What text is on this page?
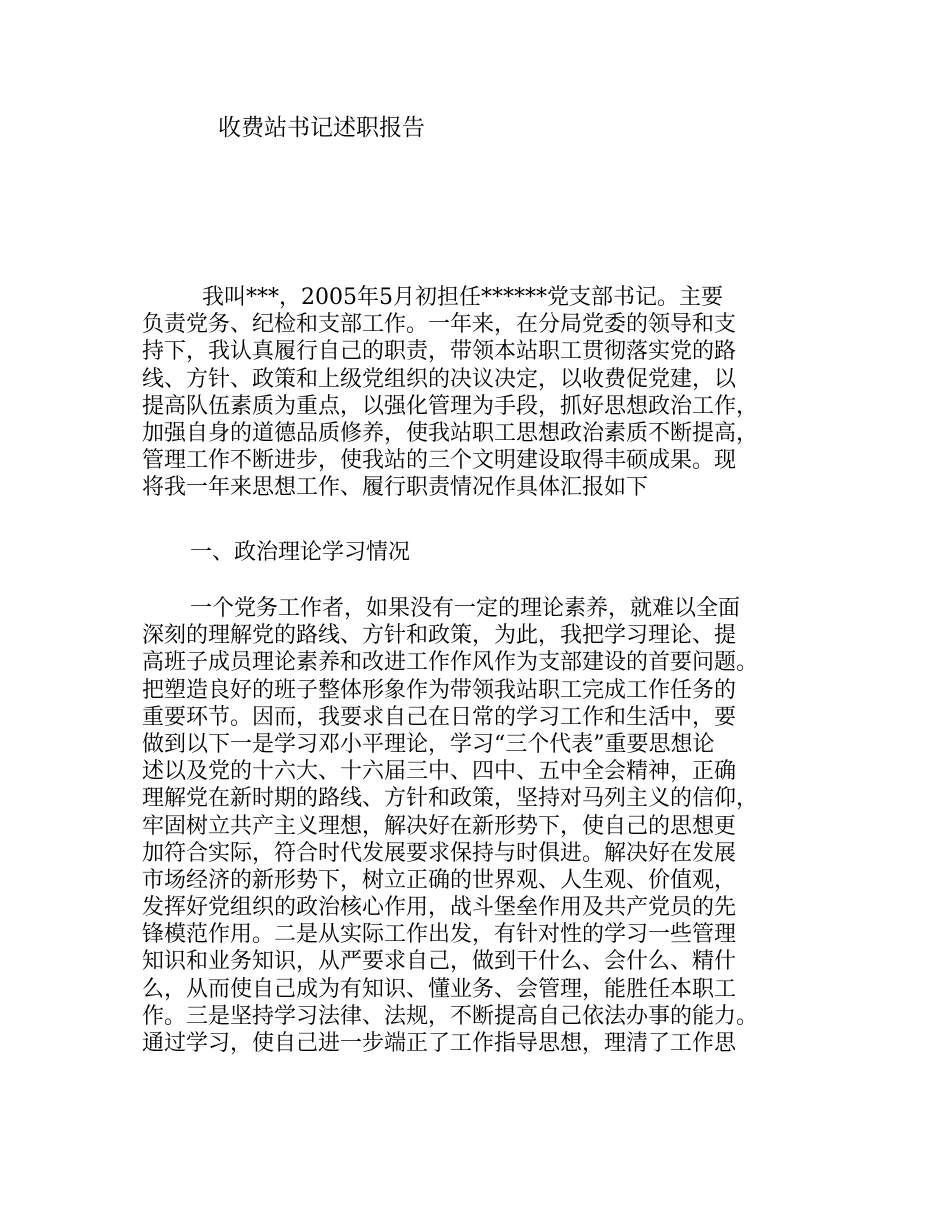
收费站书记述职报告
我叫***，2005年5月初担任******党支部书记。主要
负责党务、纪检和支部工作。一年来，在分局党委的领导和支
持下，我认真履行自己的职责，带领本站职工贯彻落实党的路
线、方针、政策和上级党组织的决议决定，以收费促党建，以
提高队伍素质为重点，以强化管理为手段，抓好思想政治工作，
加强自身的道德品质修养，使我站职工思想政治素质不断提高，
管理工作不断进步，使我站的三个文明建设取得丰硕成果。现
将我一年来思想工作、履行职责情况作具体汇报如下
一、政治理论学习情况
一个党务工作者，如果没有一定的理论素养，就难以全面
深刻的理解党的路线、方针和政策，为此，我把学习理论、提
高班子成员理论素养和改进工作作风作为支部建设的首要问题。
把塑造良好的班子整体形象作为带领我站职工完成工作任务的
重要环节。因而，我要求自己在日常的学习工作和生活中，要
做到以下一是学习邓小平理论，学习“三个代表”重要思想论
述以及党的十六大、十六届三中、四中、五中全会精神，正确
理解党在新时期的路线、方针和政策，坚持对马列主义的信仰，
牢固树立共产主义理想，解决好在新形势下，使自己的思想更
加符合实际，符合时代发展要求保持与时俱进。解决好在发展
市场经济的新形势下，树立正确的世界观、人生观、价值观，
发挥好党组织的政治核心作用，战斗堡垒作用及共产党员的先
锋模范作用。二是从实际工作出发，有针对性的学习一些管理
知识和业务知识，从严要求自己，做到干什么、会什么、精什
么，从而使自己成为有知识、懂业务、会管理，能胜任本职工
作。三是坚持学习法律、法规，不断提高自己依法办事的能力。
通过学习，使自己进一步端正了工作指导思想，理清了工作思
